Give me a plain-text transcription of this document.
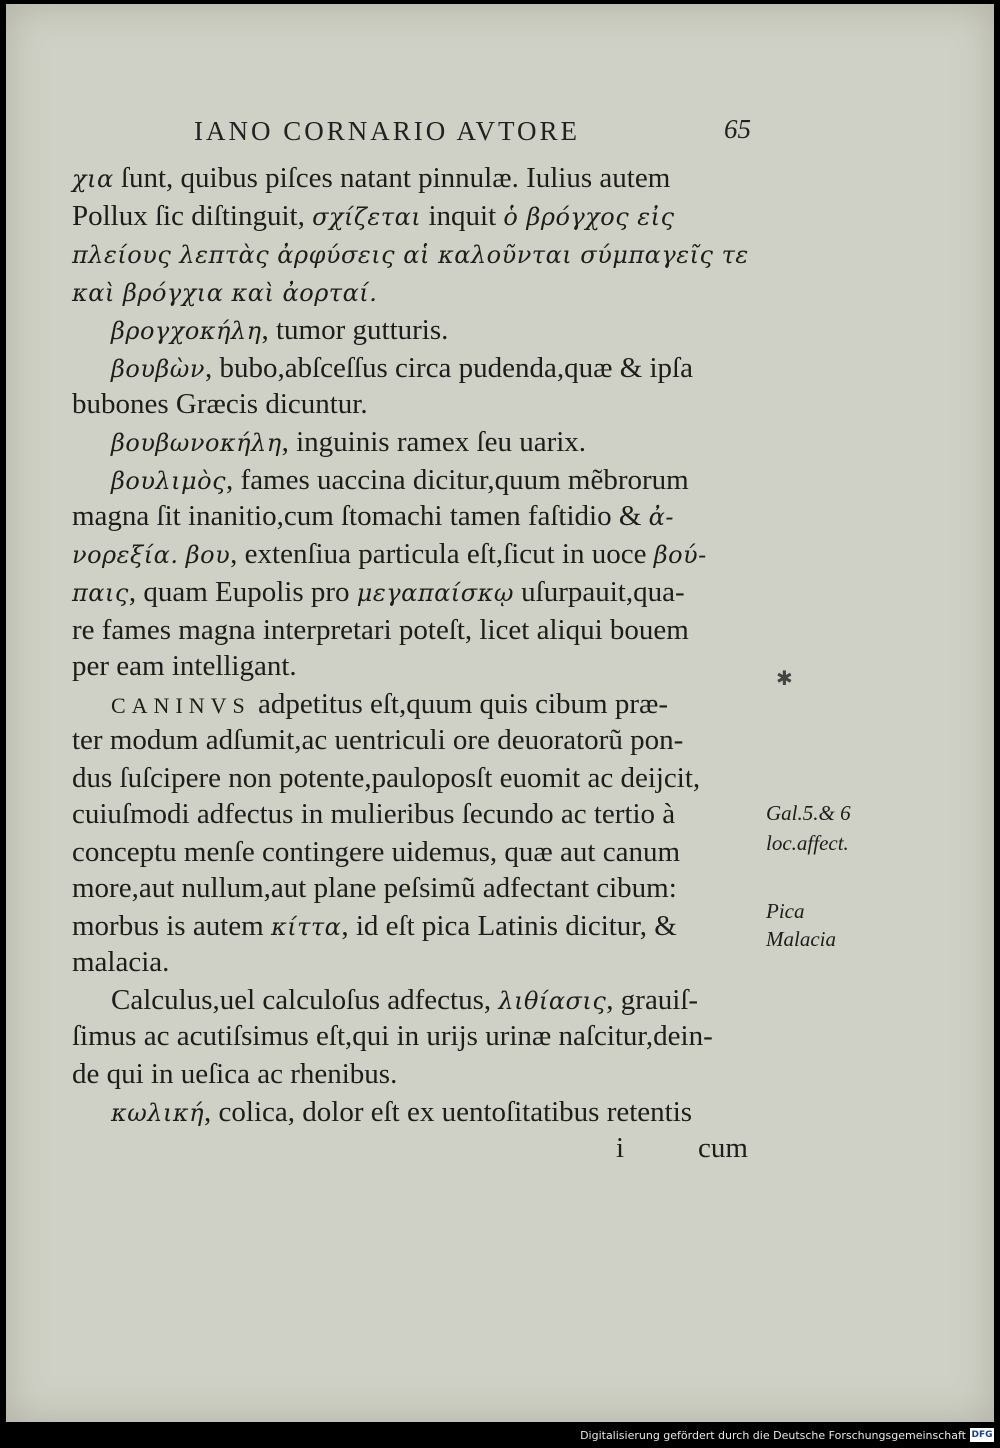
IANO CORNARIO AVTORE	65
χια ſunt, quibus piſces natant pinnulæ. Iulius autem
Pollux ſic diſtinguit, σχίζεται inquit ὁ βρόγχος εἰς
πλείους λεπτὰς ἀρφύσεις αἱ καλοῦνται σύμπαγεῖς τε
καὶ βρόγχια καὶ ἀορταί.
βρογχοκήλη, tumor gutturis.
βουβὼν, bubo,abſceſſus circa pudenda,quæ & ipſa
bubones Græcis dicuntur.
βουβωνοκήλη, inguinis ramex ſeu uarix.
βουλιμὸς, fames uaccina dicitur,quum mẽbrorum
magna ſit inanitio,cum ſtomachi tamen faſtidio & ἀ-
νορεξία. βου, extenſiua particula eſt,ſicut in uoce βού-
παις, quam Eupolis pro μεγαπαίσκῳ uſurpauit,qua-
re fames magna interpretari poteſt, licet aliqui bouem
per eam intelligant.
CANINVS adpetitus eſt,quum quis cibum præ-
ter modum adſumit,ac uentriculi ore deuoratorũ pon-
dus ſuſcipere non potente,pauloposſt euomit ac deijcit,
cuiuſmodi adfectus in mulieribus ſecundo ac tertio à
conceptu menſe contingere uidemus, quæ aut canum
more,aut nullum,aut plane peſsimũ adfectant cibum:
morbus is autem κίττα, id eſt pica Latinis dicitur, &
malacia.
Calculus,uel calculoſus adfectus, λιθίασις, grauiſ-
ſimus ac acutiſsimus eſt,qui in urijs urinæ naſcitur,dein-
de qui in ueſica ac rhenibus.
κωλική, colica, dolor eſt ex uentoſitatibus retentis
i	cum
✱
Gal.5.& 6
loc.affect.
Pica
Malacia
Digitalisierung gefördert durch die Deutsche Forschungsgemeinschaft DFG
